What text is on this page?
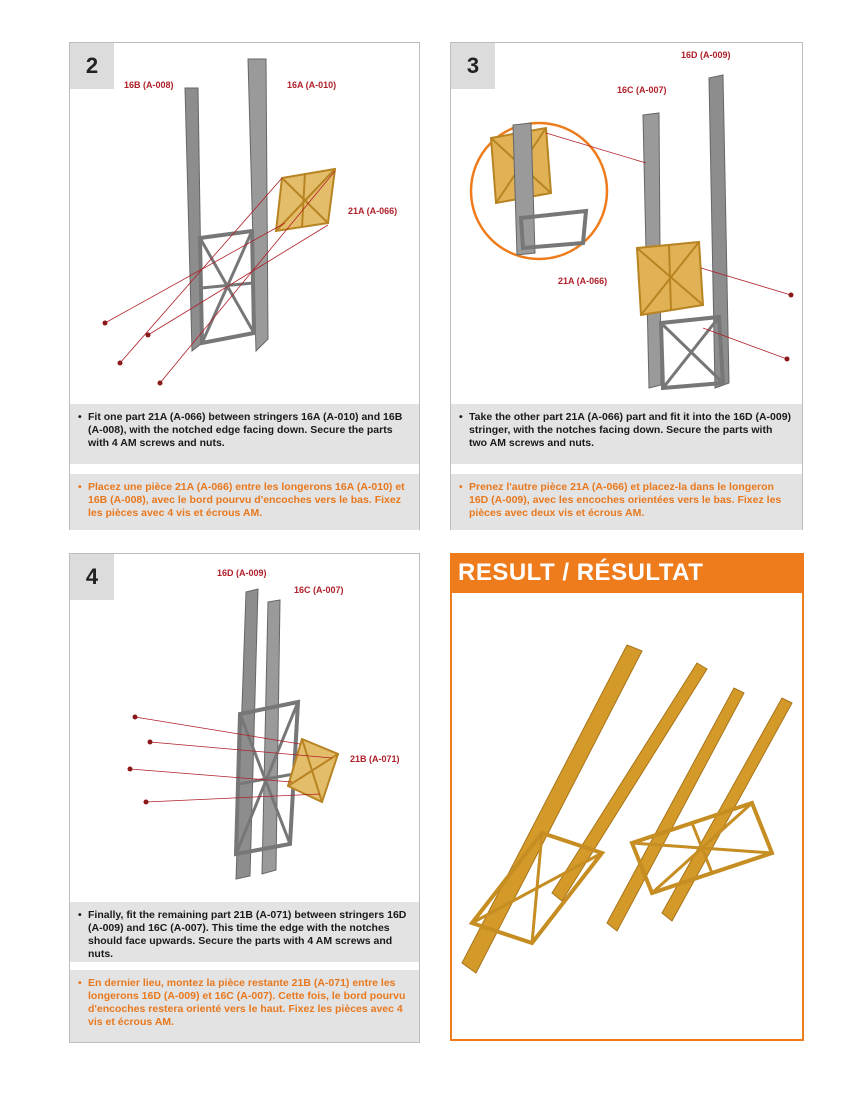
2
16B (A-008)	16A (A-010)
21A (A-066)
• Fit one part 21A (A-066) between stringers 16A (A-010) and 16B (A-008), with the notched edge facing down. Secure the parts with 4 AM screws and nuts.
• Placez une pièce 21A (A-066) entre les longerons 16A (A-010) et 16B (A-008), avec le bord pourvu d'encoches vers le bas. Fixez les pièces avec 4 vis et écrous AM.
3	16D (A-009)
16C (A-007)
21A (A-066)
• Take the other part 21A (A-066) part and fit it into the 16D (A-009) stringer, with the notches facing down. Secure the parts with two AM screws and nuts.
• Prenez l'autre pièce 21A (A-066) et placez-la dans le longeron 16D (A-009), avec les encoches orientées vers le bas. Fixez les pièces avec deux vis et écrous AM.
4	16D (A-009)
16C (A-007)
21B (A-071)
• Finally, fit the remaining part 21B (A-071) between stringers 16D (A-009) and 16C (A-007). This time the edge with the notches should face upwards. Secure the parts with 4 AM screws and nuts.
• En dernier lieu, montez la pièce restante 21B (A-071) entre les longerons 16D (A-009) et 16C (A-007). Cette fois, le bord pourvu d'encoches restera orienté vers le haut. Fixez les pièces avec 4 vis et écrous AM.
RESULT / RÉSULTAT
